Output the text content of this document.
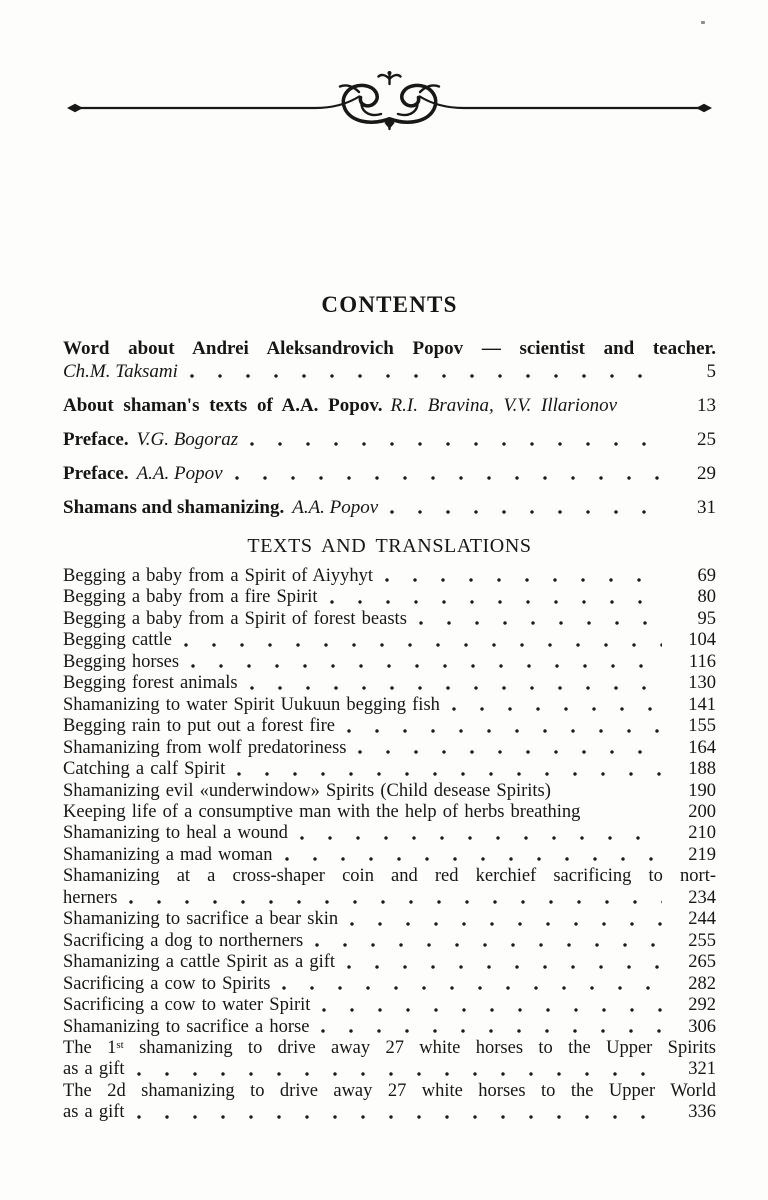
CONTENTS
Word about Andrei Aleksandrovich Popov — scientist and teacher.
Ch.M. Taksami	5
About shaman's texts of A.A. Popov. R.I. Bravina, V.V. Illarionov	13
Preface. V.G. Bogoraz	25
Preface. A.A. Popov	29
Shamans and shamanizing. A.A. Popov	31
TEXTS AND TRANSLATIONS
Begging a baby from a Spirit of Aiyyhyt	69
Begging a baby from a fire Spirit	80
Begging a baby from a Spirit of forest beasts	95
Begging cattle	104
Begging horses	116
Begging forest animals	130
Shamanizing to water Spirit Uukuun begging fish	141
Begging rain to put out a forest fire	155
Shamanizing from wolf predatoriness	164
Catching a calf Spirit	188
Shamanizing evil «underwindow» Spirits (Child desease Spirits)	190
Keeping life of a consumptive man with the help of herbs breathing	200
Shamanizing to heal a wound	210
Shamanizing a mad woman	219
Shamanizing at a cross-shaper coin and red kerchief sacrificing to nort-
herners	234
Shamanizing to sacrifice a bear skin	244
Sacrificing a dog to northerners	255
Shamanizing a cattle Spirit as a gift	265
Sacrificing a cow to Spirits	282
Sacrificing a cow to water Spirit	292
Shamanizing to sacrifice a horse	306
The 1st shamanizing to drive away 27 white horses to the Upper Spirits
as a gift	321
The 2d shamanizing to drive away 27 white horses to the Upper World
as a gift	336
